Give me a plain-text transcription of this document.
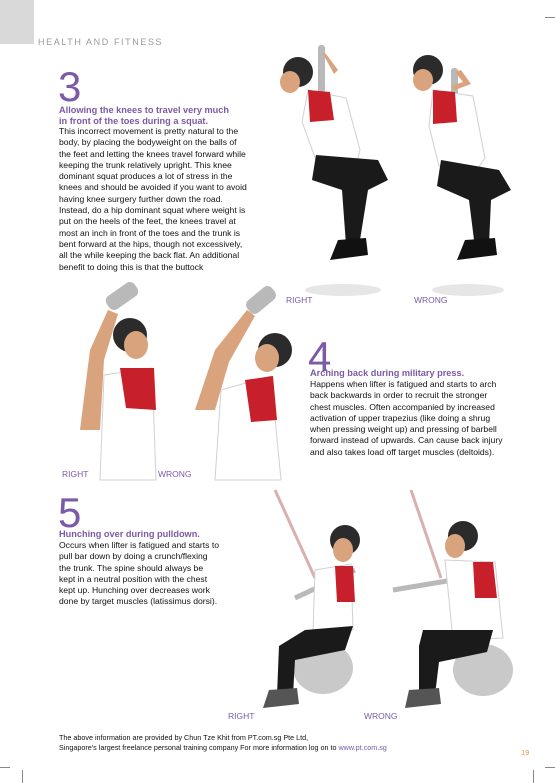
HEALTH AND FITNESS
3
Allowing the knees to travel very much
in front of the toes during a squat.
This incorrect movement is pretty natural to the
body, by placing the bodyweight on the balls of
the feet and letting the knees travel forward while
keeping the trunk relatively upright. This knee
dominant squat produces a lot of stress in the
knees and should be avoided if you want to avoid
having knee surgery further down the road.
Instead, do a hip dominant squat where weight is
put on the heels of the feet, the knees travel at
most an inch in front of the toes and the trunk is
bent forward at the hips, though not excessively,
all the while keeping the back flat. An additional
benefit to doing this is that the buttock
RIGHT	WRONG
RIGHT	WRONG
4
Arching back during military press.
Happens when lifter is fatigued and starts to arch
back backwards in order to recruit the stronger
chest muscles. Often accompanied by increased
activation of upper trapezius (like doing a shrug
when pressing weight up) and pressing of barbell
forward instead of upwards. Can cause back injury
and also takes load off target muscles (deltoids).
5
Hunching over during pulldown.
Occurs when lifter is fatigued and starts to
pull bar down by doing a crunch/flexing
the trunk. The spine should always be
kept in a neutral position with the chest
kept up. Hunching over decreases work
done by target muscles (latissimus dorsi).
RIGHT	WRONG
The above information are provided by Chun Tze Khit from PT.com.sg Pte Ltd,
Singapore's largest freelance personal training company For more information log on to www.pt.com.sg
19
